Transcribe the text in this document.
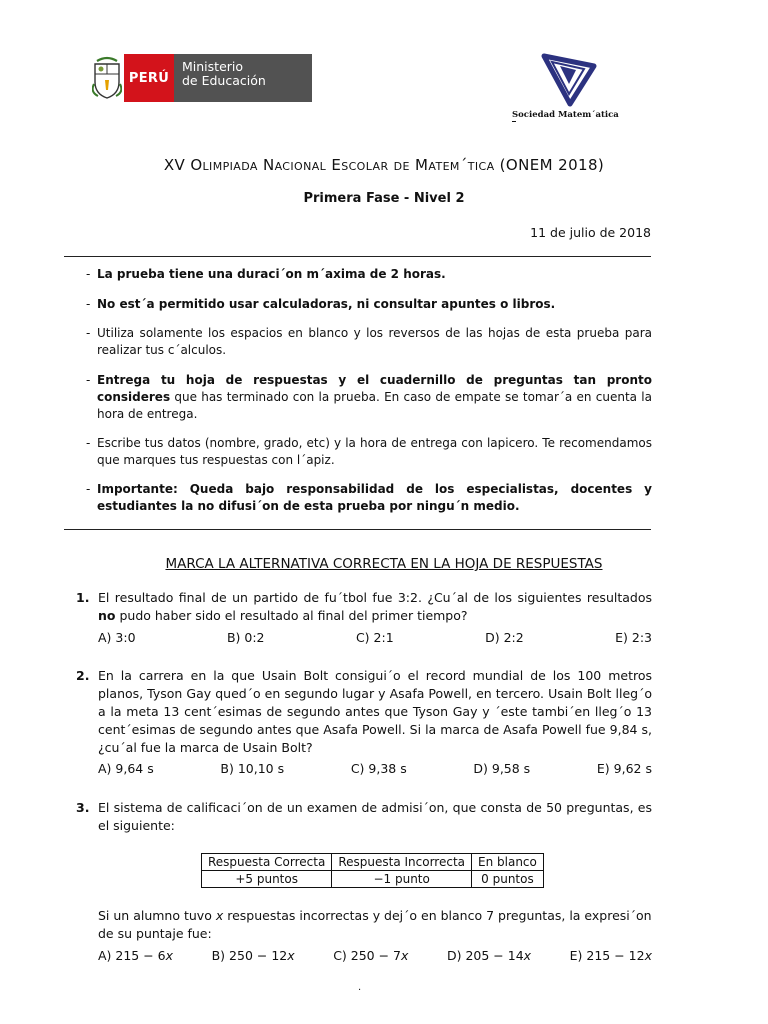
PERÚ
Ministerio
de Educación
Sociedad Matem´atica
XV Olimpiada Nacional Escolar de Matem´tica (ONEM 2018)
Primera Fase - Nivel 2
11 de julio de 2018
- La prueba tiene una duraci´on m´axima de 2 horas.
- No est´a permitido usar calculadoras, ni consultar apuntes o libros.
- Utiliza solamente los espacios en blanco y los reversos de las hojas de esta prueba para realizar tus c´alculos.
- Entrega tu hoja de respuestas y el cuadernillo de preguntas tan pronto consideres que has terminado con la prueba. En caso de empate se tomar´a en cuenta la hora de entrega.
- Escribe tus datos (nombre, grado, etc) y la hora de entrega con lapicero. Te recomendamos que marques tus respuestas con l´apiz.
- Importante: Queda bajo responsabilidad de los especialistas, docentes y estudiantes la no difusi´on de esta prueba por ningu´n medio.
MARCA LA ALTERNATIVA CORRECTA EN LA HOJA DE RESPUESTAS
1. El resultado final de un partido de fu´tbol fue 3:2. ¿Cu´al de los siguientes resultados no pudo haber sido el resultado al final del primer tiempo?
A) 3:0	B) 0:2	C) 2:1	D) 2:2	E) 2:3
2. En la carrera en la que Usain Bolt consigui´o el record mundial de los 100 metros planos, Tyson Gay qued´o en segundo lugar y Asafa Powell, en tercero. Usain Bolt lleg´o a la meta 13 cent´esimas de segundo antes que Tyson Gay y ´este tambi´en lleg´o 13 cent´esimas de segundo antes que Asafa Powell. Si la marca de Asafa Powell fue 9,84 s, ¿cu´al fue la marca de Usain Bolt?
A) 9,64 s	B) 10,10 s	C) 9,38 s	D) 9,58 s	E) 9,62 s
3. El sistema de calificaci´on de un examen de admisi´on, que consta de 50 preguntas, es el siguiente:
Respuesta Correcta	Respuesta Incorrecta	En blanco
+5 puntos	−1 punto	0 puntos
Si un alumno tuvo x respuestas incorrectas y dej´o en blanco 7 preguntas, la expresi´on de su puntaje fue:
A) 215 − 6x	B) 250 − 12x	C) 250 − 7x	D) 205 − 14x	E) 215 − 12x
.
